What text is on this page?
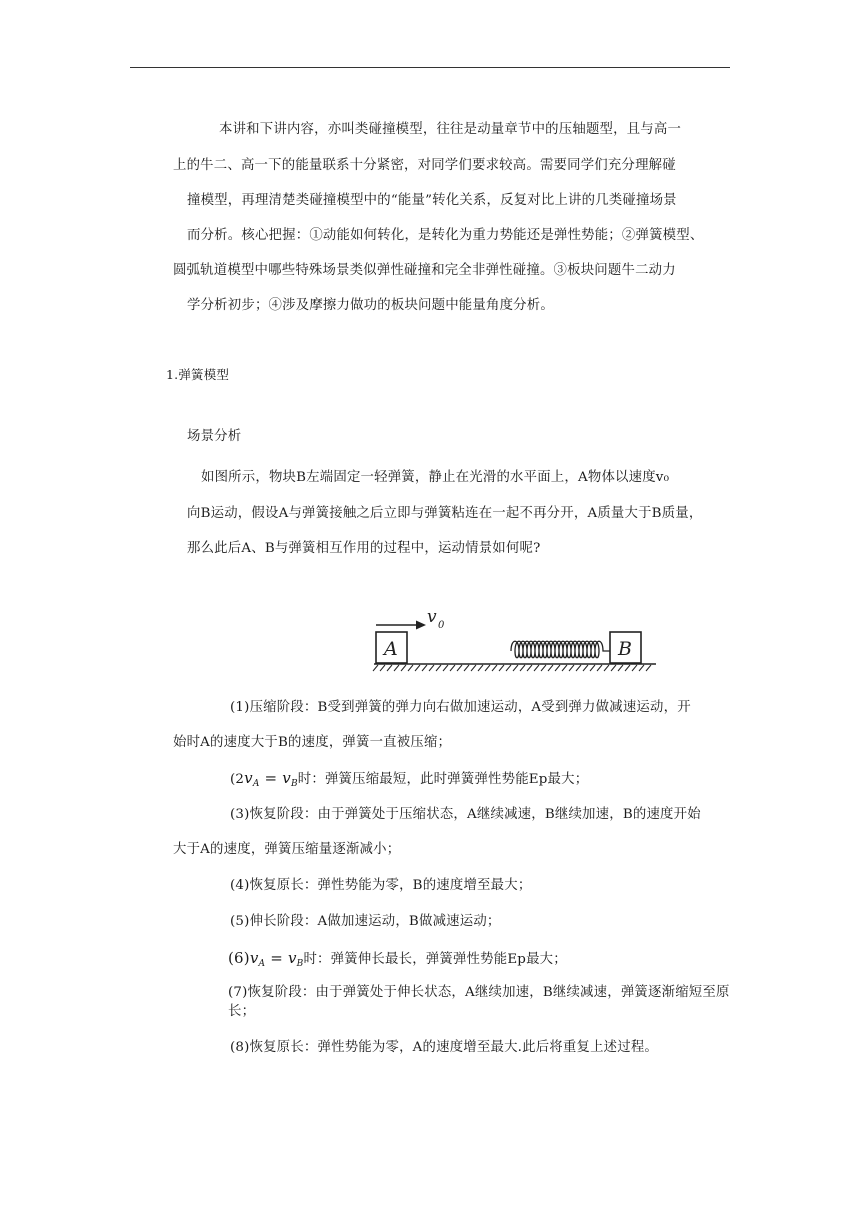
本讲和下讲内容，亦叫类碰撞模型，往往是动量章节中的压轴题型，且与高一
上的牛二、高一下的能量联系十分紧密，对同学们要求较高。需要同学们充分理解碰
撞模型，再理清楚类碰撞模型中的“能量”转化关系，反复对比上讲的几类碰撞场景
而分析。核心把握：①动能如何转化，是转化为重力势能还是弹性势能；②弹簧模型、
圆弧轨道模型中哪些特殊场景类似弹性碰撞和完全非弹性碰撞。③板块问题牛二动力
学分析初步；④涉及摩擦力做功的板块问题中能量角度分析。
1.弹簧模型
场景分析
如图所示，物块B左端固定一轻弹簧，静止在光滑的水平面上，A物体以速度v₀
向B运动，假设A与弹簧接触之后立即与弹簧粘连在一起不再分开，A质量大于B质量，
那么此后A、B与弹簧相互作用的过程中，运动情景如何呢?
v 0
A	B
(1)压缩阶段：B受到弹簧的弹力向右做加速运动，A受到弹力做减速运动，开
始时A的速度大于B的速度，弹簧一直被压缩；
($2v_A = v_B$时：弹簧压缩最短，此时弹簧弹性势能Ep最大；
(3)恢复阶段：由于弹簧处于压缩状态，A继续减速，B继续加速，B的速度开始
大于A的速度，弹簧压缩量逐渐减小；
(4)恢复原长：弹性势能为零，B的速度增至最大；
(5)伸长阶段：A做加速运动，B做减速运动；
$(6)v_A = v_B$时：弹簧伸长最长，弹簧弹性势能Ep最大；
(7)恢复阶段：由于弹簧处于伸长状态，A继续加速，B继续减速，弹簧逐渐缩短至原
长；
(8)恢复原长：弹性势能为零，A的速度增至最大.此后将重复上述过程。
